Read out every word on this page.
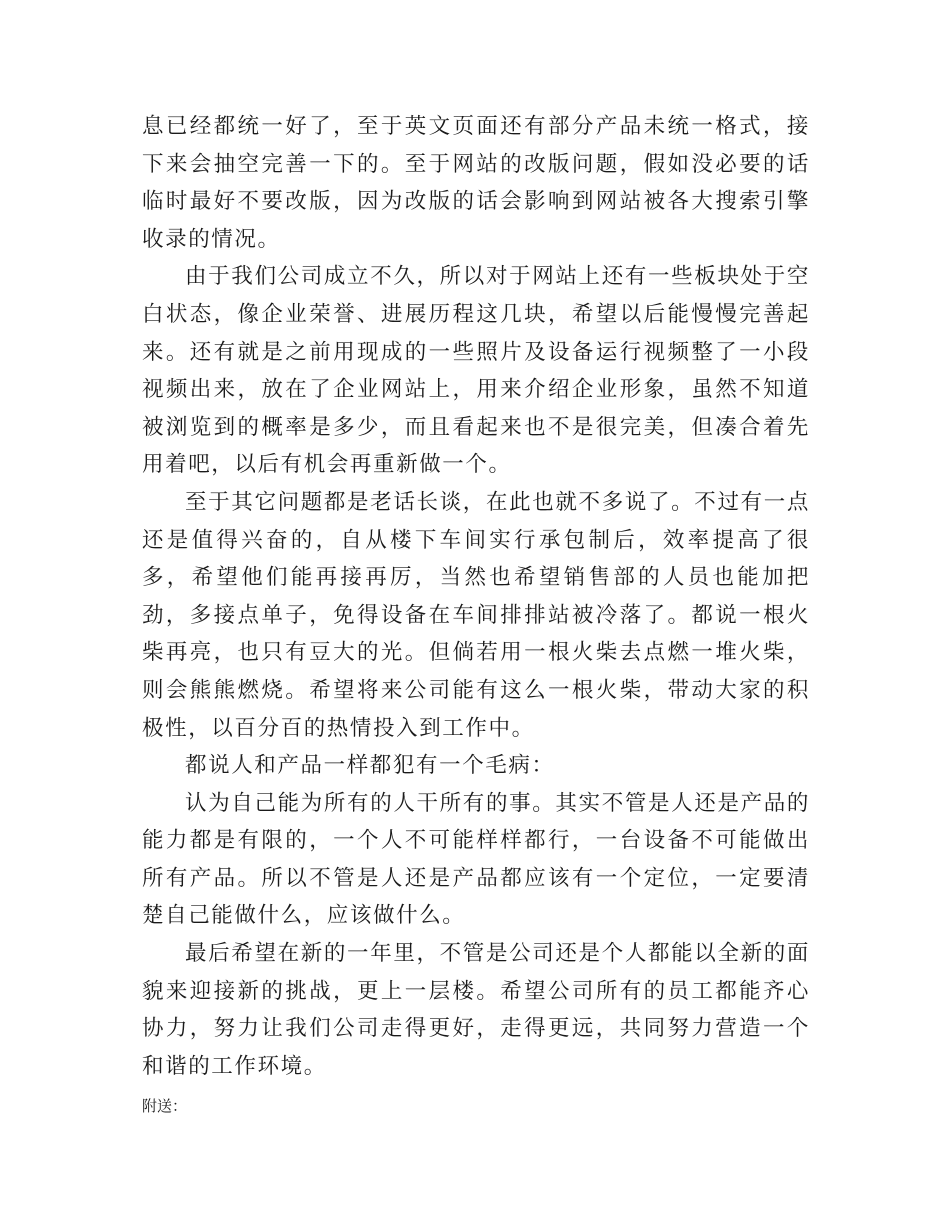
息已经都统一好了，至于英文页面还有部分产品未统一格式，接下来会抽空完善一下的。至于网站的改版问题，假如没必要的话临时最好不要改版，因为改版的话会影响到网站被各大搜索引擎收录的情况。

由于我们公司成立不久，所以对于网站上还有一些板块处于空白状态，像企业荣誉、进展历程这几块，希望以后能慢慢完善起来。还有就是之前用现成的一些照片及设备运行视频整了一小段视频出来，放在了企业网站上，用来介绍企业形象，虽然不知道被浏览到的概率是多少，而且看起来也不是很完美，但凑合着先用着吧，以后有机会再重新做一个。

至于其它问题都是老话长谈，在此也就不多说了。不过有一点还是值得兴奋的，自从楼下车间实行承包制后，效率提高了很多，希望他们能再接再厉，当然也希望销售部的人员也能加把劲，多接点单子，免得设备在车间排排站被冷落了。都说一根火柴再亮，也只有豆大的光。但倘若用一根火柴去点燃一堆火柴，则会熊熊燃烧。希望将来公司能有这么一根火柴，带动大家的积极性，以百分百的热情投入到工作中。

都说人和产品一样都犯有一个毛病：

认为自己能为所有的人干所有的事。其实不管是人还是产品的能力都是有限的，一个人不可能样样都行，一台设备不可能做出所有产品。所以不管是人还是产品都应该有一个定位，一定要清楚自己能做什么，应该做什么。

最后希望在新的一年里，不管是公司还是个人都能以全新的面貌来迎接新的挑战，更上一层楼。希望公司所有的员工都能齐心协力，努力让我们公司走得更好，走得更远，共同努力营造一个和谐的工作环境。

附送：
